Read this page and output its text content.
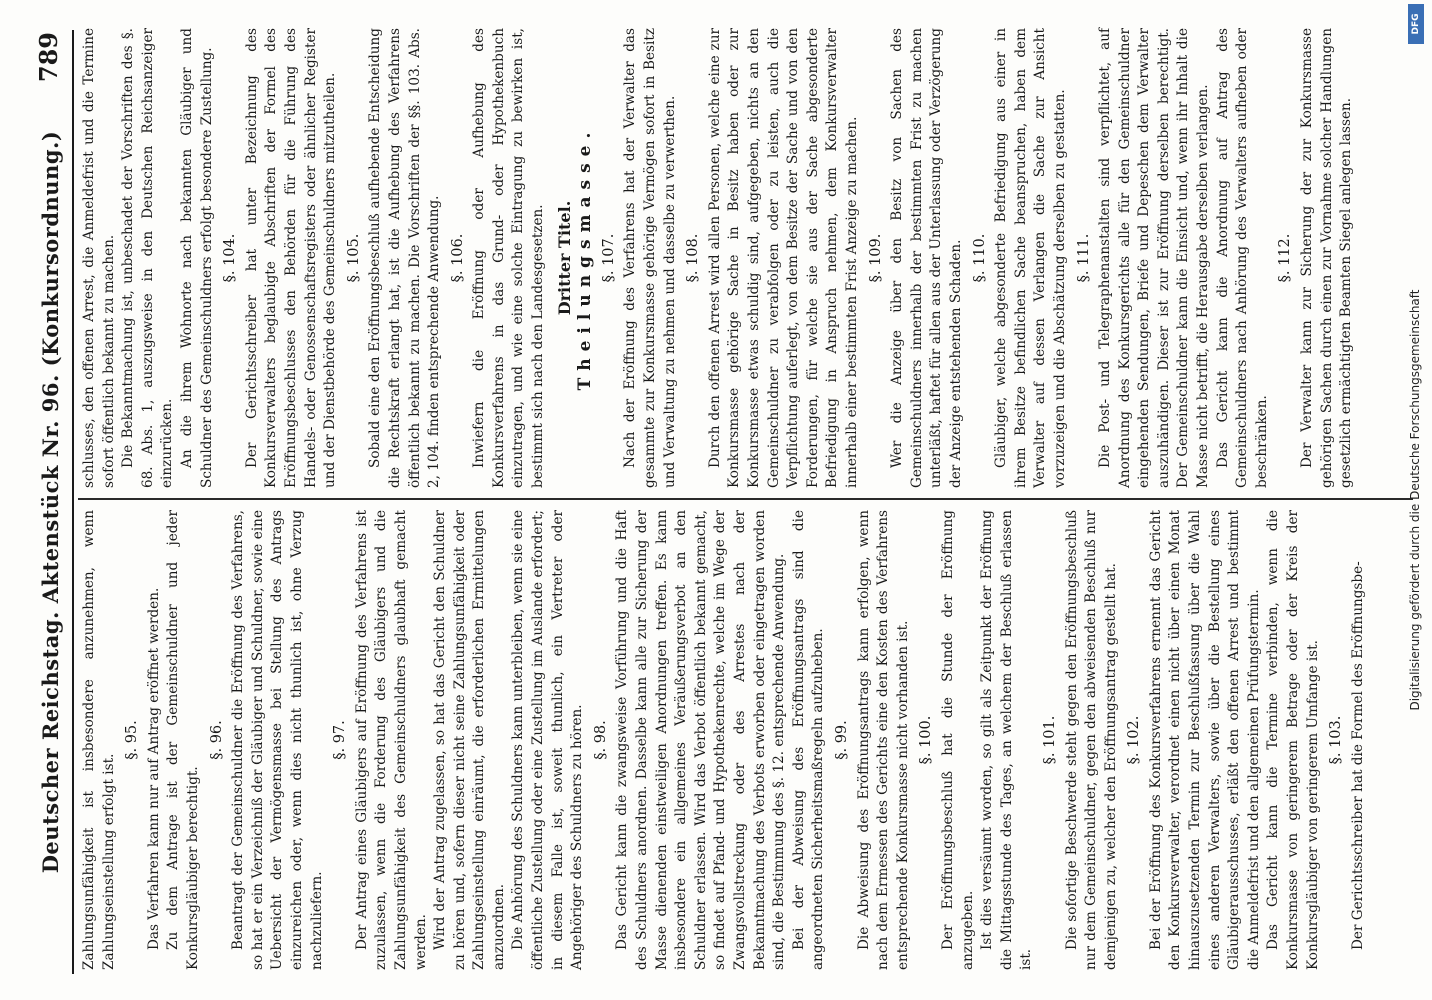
Deutscher Reichstag. Aktenstück Nr. 96. (Konkursordnung.)
789

Zahlungsunfähigkeit ist insbesondere anzunehmen, wenn Zahlungseinstellung erfolgt ist.

§. 95. Das Verfahren kann nur auf Antrag eröffnet werden. Zu dem Antrage ist der Gemeinschuldner und jeder Konkursgläubiger berechtigt.

§. 96. Beantragt der Gemeinschuldner die Eröffnung des Verfahrens, so hat er ein Verzeichniß der Gläubiger und Schuldner, sowie eine Uebersicht der Vermögensmasse bei Stellung des Antrags einzureichen oder, wenn dies nicht thunlich ist, ohne Verzug nachzuliefern.

§. 97. Der Antrag eines Gläubigers auf Eröffnung des Verfahrens ist zuzulassen, wenn die Forderung des Gläubigers und die Zahlungsunfähigkeit des Gemeinschuldners glaubhaft gemacht werden. Wird der Antrag zugelassen, so hat das Gericht den Schuldner zu hören und, sofern dieser nicht seine Zahlungsunfähigkeit oder Zahlungseinstellung einräumt, die erforderlichen Ermittelungen anzuordnen. Die Anhörung des Schuldners kann unterbleiben, wenn sie eine öffentliche Zustellung oder eine Zustellung im Auslande erfordert; in diesem Falle ist, soweit thunlich, ein Vertreter oder Angehöriger des Schuldners zu hören. §. 98. Das Gericht kann die zwangsweise Vorführung und die Haft des Schuldners anordnen. Dasselbe kann alle zur Sicherung der Masse dienenden einstweiligen Anordnungen treffen. Es kann insbesondere ein allgemeines Veräußerungsverbot an den Schuldner erlassen. Wird das Verbot öffentlich bekannt gemacht, so findet auf Pfand- und Hypothekenrechte, welche im Wege der Zwangsvollstreckung oder des Arrestes nach der Bekanntmachung des Verbots erworben oder eingetragen worden sind, die Bestimmung des §. 12. entsprechende Anwendung. Bei der Abweisung des Eröffnungsantrags sind die angeordneten Sicherheitsmaßregeln aufzuheben. §. 99. Die Abweisung des Eröffnungsantrags kann erfolgen, wenn nach dem Ermessen des Gerichts eine den Kosten des Verfahrens entsprechende Konkursmasse nicht vorhanden ist. §. 100. Der Eröffnungsbeschluß hat die Stunde der Eröffnung anzugeben. Ist dies versäumt worden, so gilt als Zeitpunkt der Eröffnung die Mittagsstunde des Tages, an welchem der Beschluß erlassen ist.

§. 101. Die sofortige Beschwerde steht gegen den Eröffnungsbeschluß nur dem Gemeinschuldner, gegen den abweisenden Beschluß nur demjenigen zu, welcher den Eröffnungsantrag gestellt hat. §. 102. Bei der Eröffnung des Konkursverfahrens ernennt das Gericht den Konkursverwalter, verordnet einen nicht über einen Monat hinauszusetzenden Termin zur Beschlußfassung über die Wahl eines anderen Verwalters, sowie über die Bestellung eines Gläubigerausschusses, erläßt den offenen Arrest und bestimmt die Anmeldefrist und den allgemeinen Prüfungstermin. Das Gericht kann die Termine verbinden, wenn die Konkursmasse von geringerem Betrage oder der Kreis der Konkursgläubiger von geringerem Umfange ist. §. 103. Der Gerichtsschreiber hat die Formel des Eröffnungsbe-

schlusses, den offenen Arrest, die Anmeldefrist und die Termine sofort öffentlich bekannt zu machen. Die Bekanntmachung ist, unbeschadet der Vorschriften des §. 68. Abs. 1, auszugsweise in den Deutschen Reichsanzeiger einzurücken. An die ihrem Wohnorte nach bekannten Gläubiger und Schuldner des Gemeinschuldners erfolgt besondere Zustellung. §. 104. Der Gerichtsschreiber hat unter Bezeichnung des Konkursverwalters beglaubigte Abschriften der Formel des Eröffnungsbeschlusses den Behörden für die Führung des Handels- oder Genossenschaftsregisters oder ähnlicher Register und der Dienstbehörde des Gemeinschuldners mitzutheilen. §. 105. Sobald eine den Eröffnungsbeschluß aufhebende Entscheidung die Rechtskraft erlangt hat, ist die Aufhebung des Verfahrens öffentlich bekannt zu machen. Die Vorschriften der §§. 103. Abs. 2, 104. finden entsprechende Anwendung. §. 106. Inwiefern die Eröffnung oder Aufhebung des Konkursverfahrens in das Grund- oder Hypothekenbuch einzutragen, und wie eine solche Eintragung zu bewirken ist, bestimmt sich nach den Landesgesetzen. Dritter Titel. Theilungsmasse. §. 107. Nach der Eröffnung des Verfahrens hat der Verwalter das gesammte zur Konkursmasse gehörige Vermögen sofort in Besitz und Verwaltung zu nehmen und dasselbe zu verwerthen. §. 108. Durch den offenen Arrest wird allen Personen, welche eine zur Konkursmasse gehörige Sache in Besitz haben oder zur Konkursmasse etwas schuldig sind, aufgegeben, nichts an den Gemeinschuldner zu verabfolgen oder zu leisten, auch die Verpflichtung auferlegt, von dem Besitze der Sache und von den Forderungen, für welche sie aus der Sache abgesonderte Befriedigung in Anspruch nehmen, dem Konkursverwalter innerhalb einer bestimmten Frist Anzeige zu machen. §. 109. Wer die Anzeige über den Besitz von Sachen des Gemeinschuldners innerhalb der bestimmten Frist zu machen unterläßt, haftet für allen aus der Unterlassung oder Verzögerung der Anzeige entstehenden Schaden. §. 110. Gläubiger, welche abgesonderte Befriedigung aus einer in ihrem Besitze befindlichen Sache beanspruchen, haben dem Verwalter auf dessen Verlangen die Sache zur Ansicht vorzuzeigen und die Abschätzung derselben zu gestatten. §. 111. Die Post- und Telegraphenanstalten sind verpflichtet, auf Anordnung des Konkursgerichts alle für den Gemeinschuldner eingehenden Sendungen, Briefe und Depeschen dem Verwalter auszuhändigen. Dieser ist zur Eröffnung derselben berechtigt. Der Gemeinschuldner kann die Einsicht und, wenn ihr Inhalt die Masse nicht betrifft, die Herausgabe derselben verlangen. Das Gericht kann die Anordnung auf Antrag des Gemeinschuldners nach Anhörung des Verwalters aufheben oder beschränken.

§. 112. Der Verwalter kann zur Sicherung der zur Konkursmasse gehörigen Sachen durch einen zur Vornahme solcher Handlungen gesetzlich ermächtigten Beamten Siegel anlegen lassen.	Digitalisierung gefördert durch die Deutsche Forschungsgemeinschaft
DFG
